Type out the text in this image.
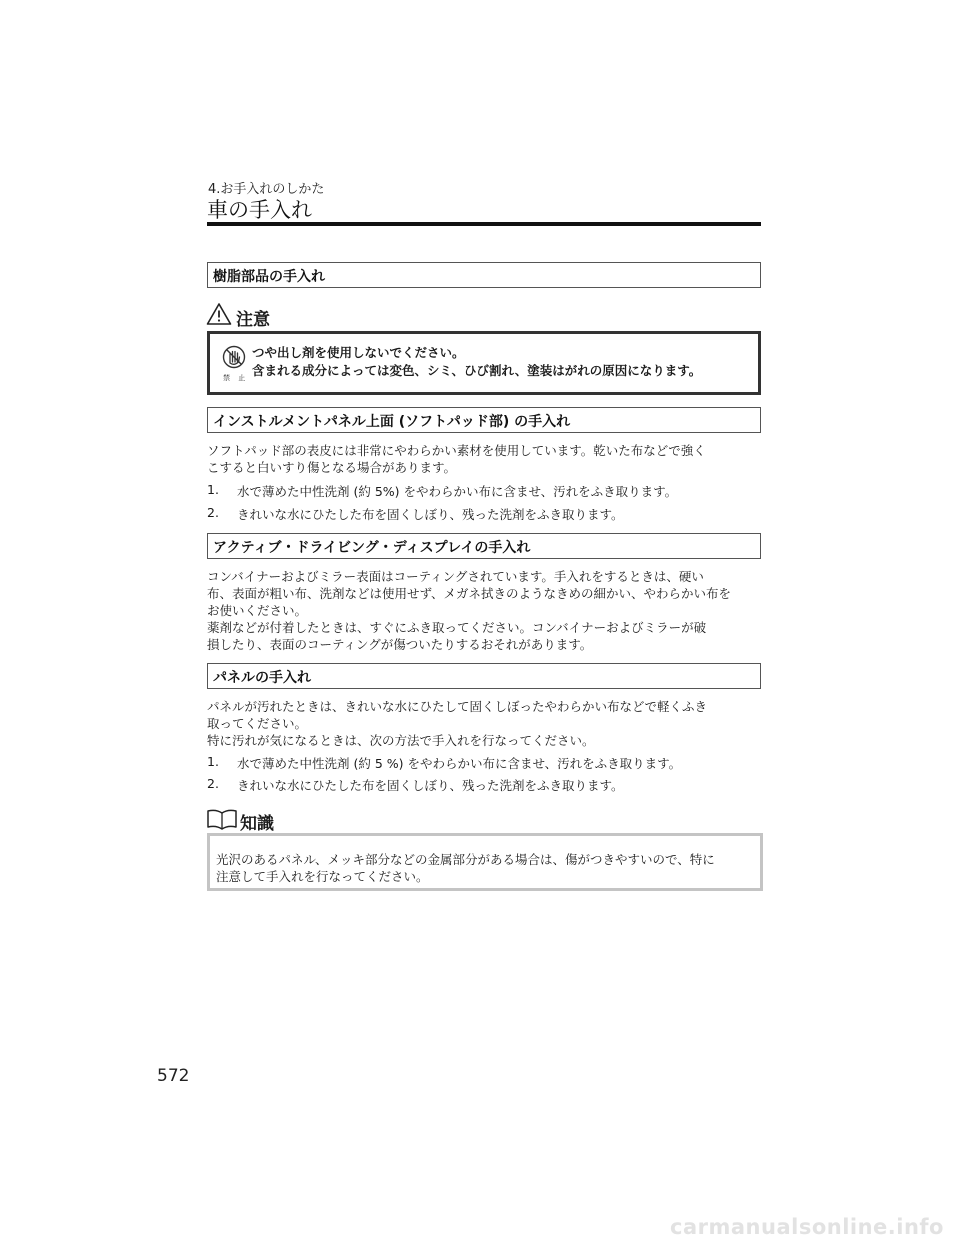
4.お手入れのしかた
車の手入れ
樹脂部品の手入れ
注意
禁 止
つや出し剤を使用しないでください。
含まれる成分によっては変色、シミ、ひび割れ、塗装はがれの原因になります。
インストルメントパネル上面 (ソフトパッド部) の手入れ
ソフトパッド部の表皮には非常にやわらかい素材を使用しています。乾いた布などで強く
こすると白いすり傷となる場合があります。
1. 水で薄めた中性洗剤 (約 5%) をやわらかい布に含ませ、汚れをふき取ります。
2. きれいな水にひたした布を固くしぼり、残った洗剤をふき取ります。
アクティブ・ドライビング・ディスプレイの手入れ
コンバイナーおよびミラー表面はコーティングされています。手入れをするときは、硬い
布、表面が粗い布、洗剤などは使用せず、メガネ拭きのようなきめの細かい、やわらかい布を
お使いください。
薬剤などが付着したときは、すぐにふき取ってください。コンバイナーおよびミラーが破
損したり、表面のコーティングが傷ついたりするおそれがあります。
パネルの手入れ
パネルが汚れたときは、きれいな水にひたして固くしぼったやわらかい布などで軽くふき
取ってください。
特に汚れが気になるときは、次の方法で手入れを行なってください。
1. 水で薄めた中性洗剤 (約 5 %) をやわらかい布に含ませ、汚れをふき取ります。
2. きれいな水にひたした布を固くしぼり、残った洗剤をふき取ります。
知識
光沢のあるパネル、メッキ部分などの金属部分がある場合は、傷がつきやすいので、特に
注意して手入れを行なってください。
572
carmanualsonline.info
